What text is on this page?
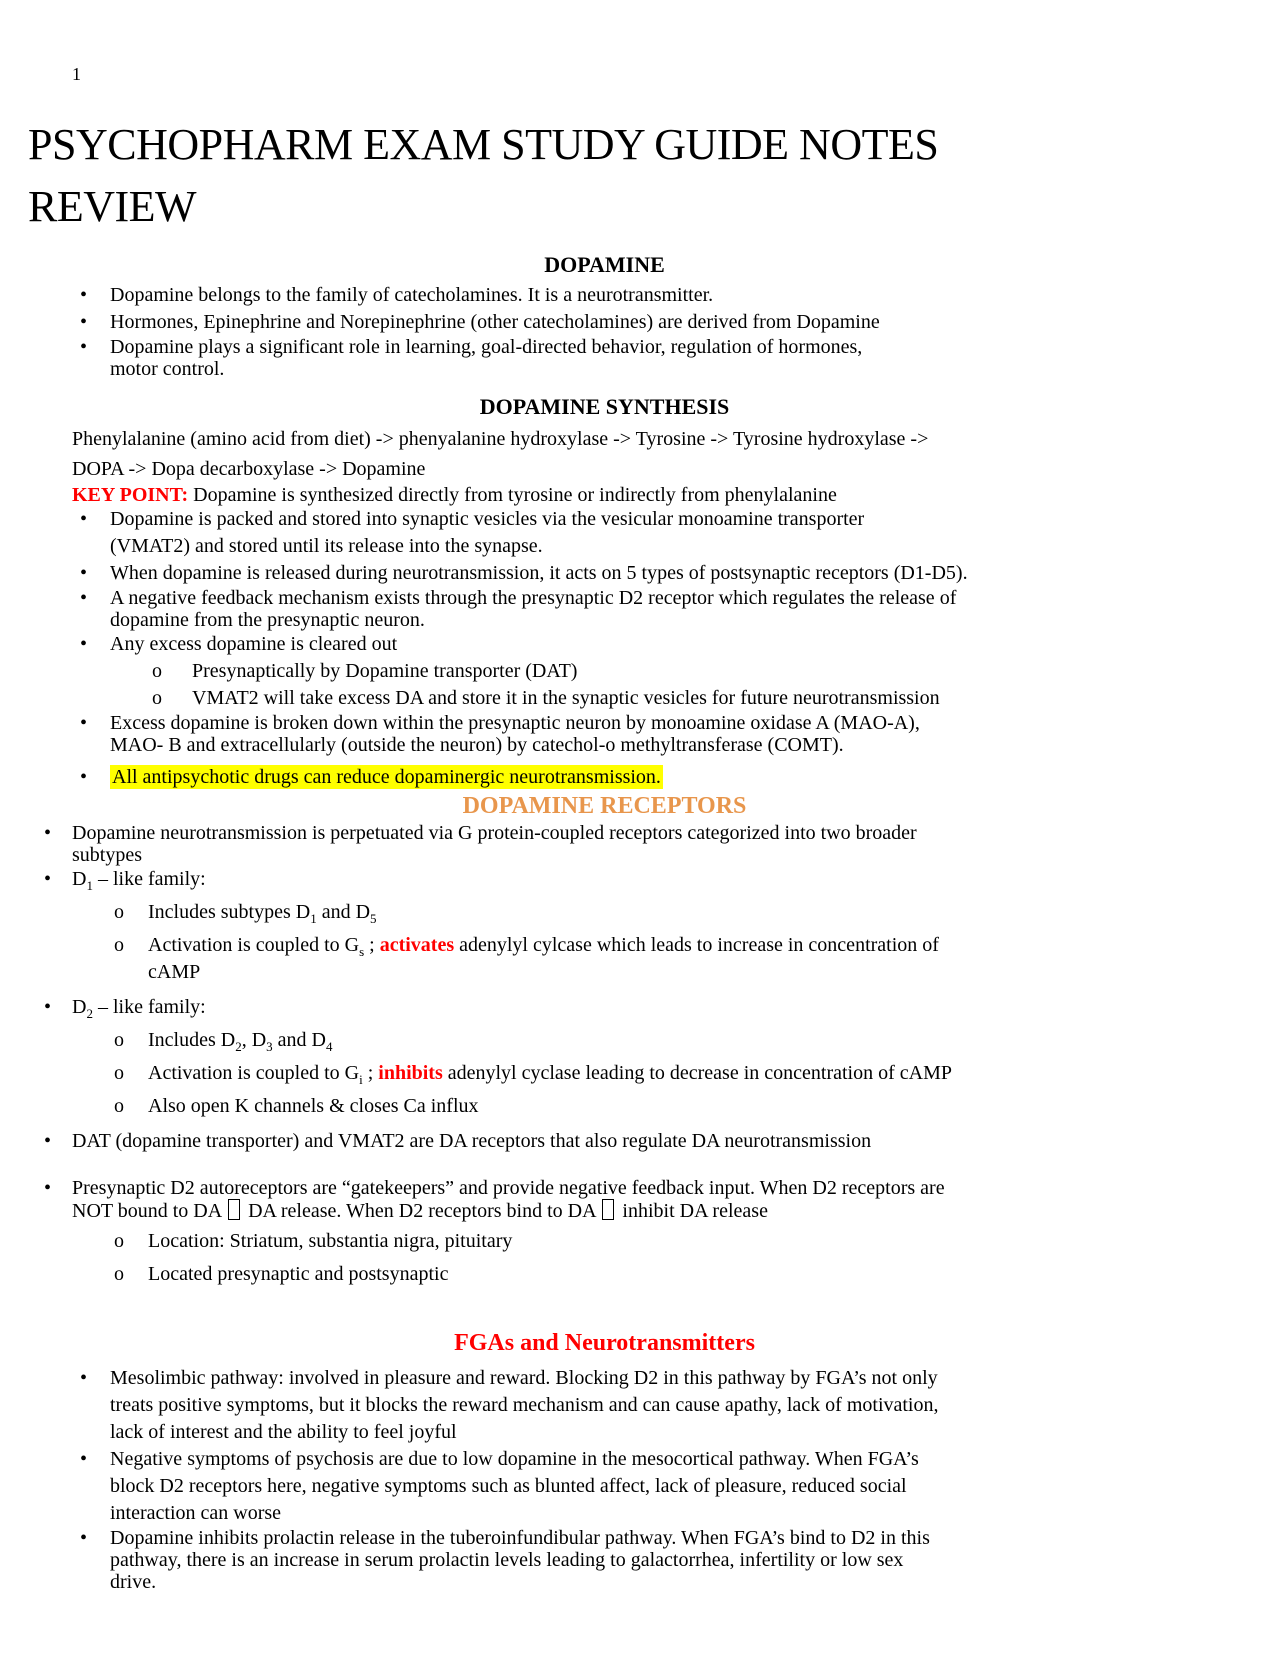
1
PSYCHOPHARM EXAM STUDY GUIDE NOTES REVIEW
DOPAMINE
• Dopamine belongs to the family of catecholamines. It is a neurotransmitter.
• Hormones, Epinephrine and Norepinephrine (other catecholamines) are derived from Dopamine
• Dopamine plays a significant role in learning, goal-directed behavior, regulation of hormones,
motor control.
DOPAMINE SYNTHESIS
Phenylalanine (amino acid from diet) -> phenyalanine hydroxylase -> Tyrosine -> Tyrosine hydroxylase ->
DOPA -> Dopa decarboxylase -> Dopamine
KEY POINT: Dopamine is synthesized directly from tyrosine or indirectly from phenylalanine
• Dopamine is packed and stored into synaptic vesicles via the vesicular monoamine transporter
(VMAT2) and stored until its release into the synapse.
• When dopamine is released during neurotransmission, it acts on 5 types of postsynaptic receptors (D1-D5).
• A negative feedback mechanism exists through the presynaptic D2 receptor which regulates the release of
dopamine from the presynaptic neuron.
• Any excess dopamine is cleared out
o Presynaptically by Dopamine transporter (DAT)
o VMAT2 will take excess DA and store it in the synaptic vesicles for future neurotransmission
• Excess dopamine is broken down within the presynaptic neuron by monoamine oxidase A (MAO-A),
MAO- B and extracellularly (outside the neuron) by catechol-o methyltransferase (COMT).
• All antipsychotic drugs can reduce dopaminergic neurotransmission.
DOPAMINE RECEPTORS
• Dopamine neurotransmission is perpetuated via G protein-coupled receptors categorized into two broader
subtypes
• $D_1$ – like family:
o Includes subtypes $D_1$ and $D_5$
o Activation is coupled to $G_s$ ; activates adenylyl cylcase which leads to increase in concentration of
cAMP
• $D_2$ – like family:
o Includes $D_2$, $D_3$ and $D_4$
o Activation is coupled to $G_i$ ; inhibits adenylyl cyclase leading to decrease in concentration of cAMP
o Also open K channels & closes Ca influx
• DAT (dopamine transporter) and VMAT2 are DA receptors that also regulate DA neurotransmission
• Presynaptic D2 autoreceptors are “gatekeepers” and provide negative feedback input. When D2 receptors are
NOT bound to DA  DA release. When D2 receptors bind to DA  inhibit DA release
o Location: Striatum, substantia nigra, pituitary
o Located presynaptic and postsynaptic
FGAs and Neurotransmitters
• Mesolimbic pathway: involved in pleasure and reward. Blocking D2 in this pathway by FGA’s not only
treats positive symptoms, but it blocks the reward mechanism and can cause apathy, lack of motivation,
lack of interest and the ability to feel joyful
• Negative symptoms of psychosis are due to low dopamine in the mesocortical pathway. When FGA’s
block D2 receptors here, negative symptoms such as blunted affect, lack of pleasure, reduced social
interaction can worse
• Dopamine inhibits prolactin release in the tuberoinfundibular pathway. When FGA’s bind to D2 in this
pathway, there is an increase in serum prolactin levels leading to galactorrhea, infertility or low sex
drive.
